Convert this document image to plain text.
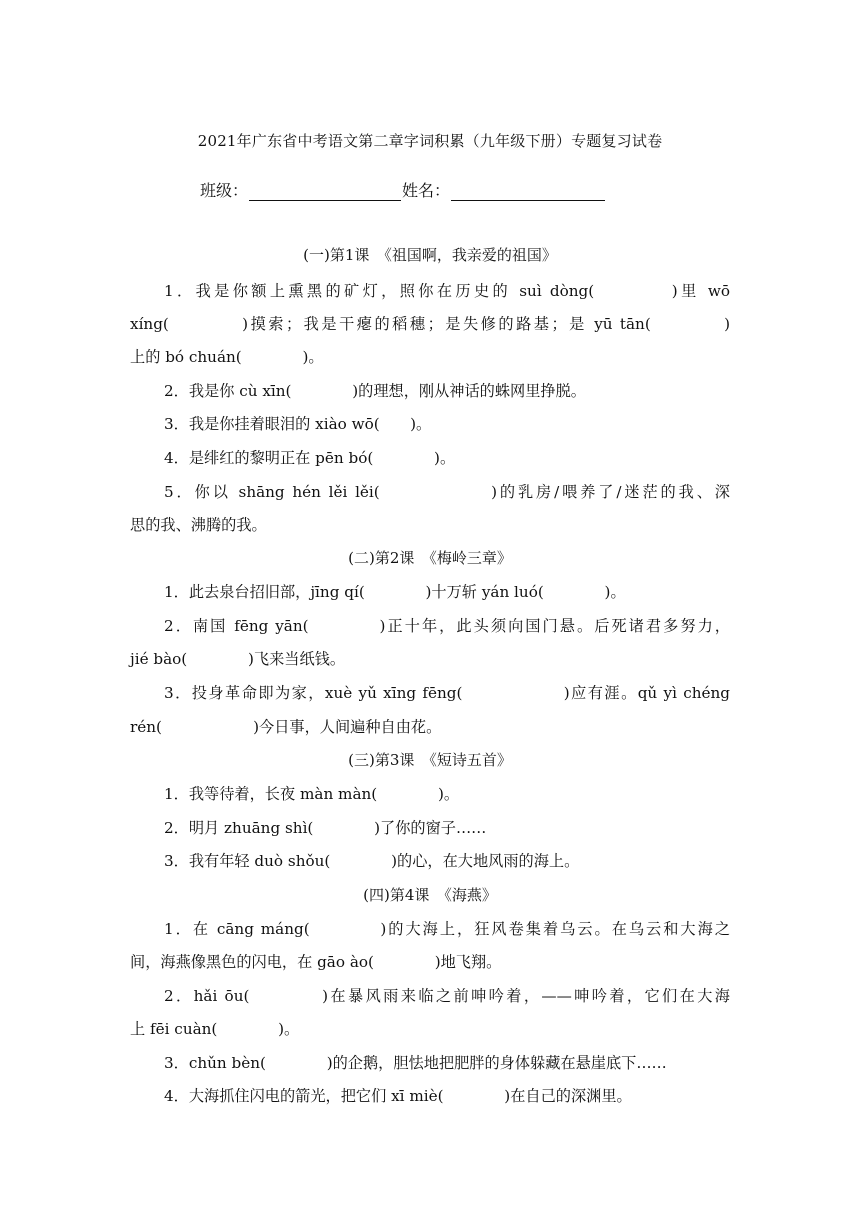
2021年广东省中考语文第二章字词积累（九年级下册）专题复习试卷
班级：	姓名：
(一)第1课　《祖国啊，我亲爱的祖国》
1．我是你额上熏黑的矿灯，照你在历史的 suì dòng(　　　　)里 wō
xíng(　　　　)摸索；我是干瘪的稻穗；是失修的路基；是 yū tān(　　　　)
上的 bó chuán(　　　　)。
2．我是你 cù xīn(　　　　)的理想，刚从神话的蛛网里挣脱。
3．我是你挂着眼泪的 xiào wō(　　)。
4．是绯红的黎明正在 pēn bó(　　　　)。
5．你以 shāng hén lěi lěi(　　　　　　)的乳房/喂养了/迷茫的我、深
思的我、沸腾的我。
(二)第2课　《梅岭三章》
1．此去泉台招旧部，jīng qí(　　　　)十万斩 yán luó(　　　　)。
2．南国 fēng yān(　　　　)正十年，此头须向国门悬。后死诸君多努力，
jié bào(　　　　)飞来当纸钱。
3．投身革命即为家，xuè yǔ xīng fēng(　　　　　　)应有涯。qǔ yì chéng
rén(　　　　　　)今日事，人间遍种自由花。
(三)第3课　《短诗五首》
1．我等待着，长夜 màn màn(　　　　)。
2．明月 zhuāng shì(　　　　)了你的窗子……
3．我有年轻 duò shǒu(　　　　)的心，在大地风雨的海上。
(四)第4课　《海燕》
1．在 cāng máng(　　　　)的大海上，狂风卷集着乌云。在乌云和大海之
间，海燕像黑色的闪电，在 gāo ào(　　　　)地飞翔。
2．hǎi ōu(　　　　)在暴风雨来临之前呻吟着，——呻吟着，它们在大海
上 fēi cuàn(　　　　)。
3．chǔn bèn(　　　　)的企鹅，胆怯地把肥胖的身体躲藏在悬崖底下……
4．大海抓住闪电的箭光，把它们 xī miè(　　　　)在自己的深渊里。
